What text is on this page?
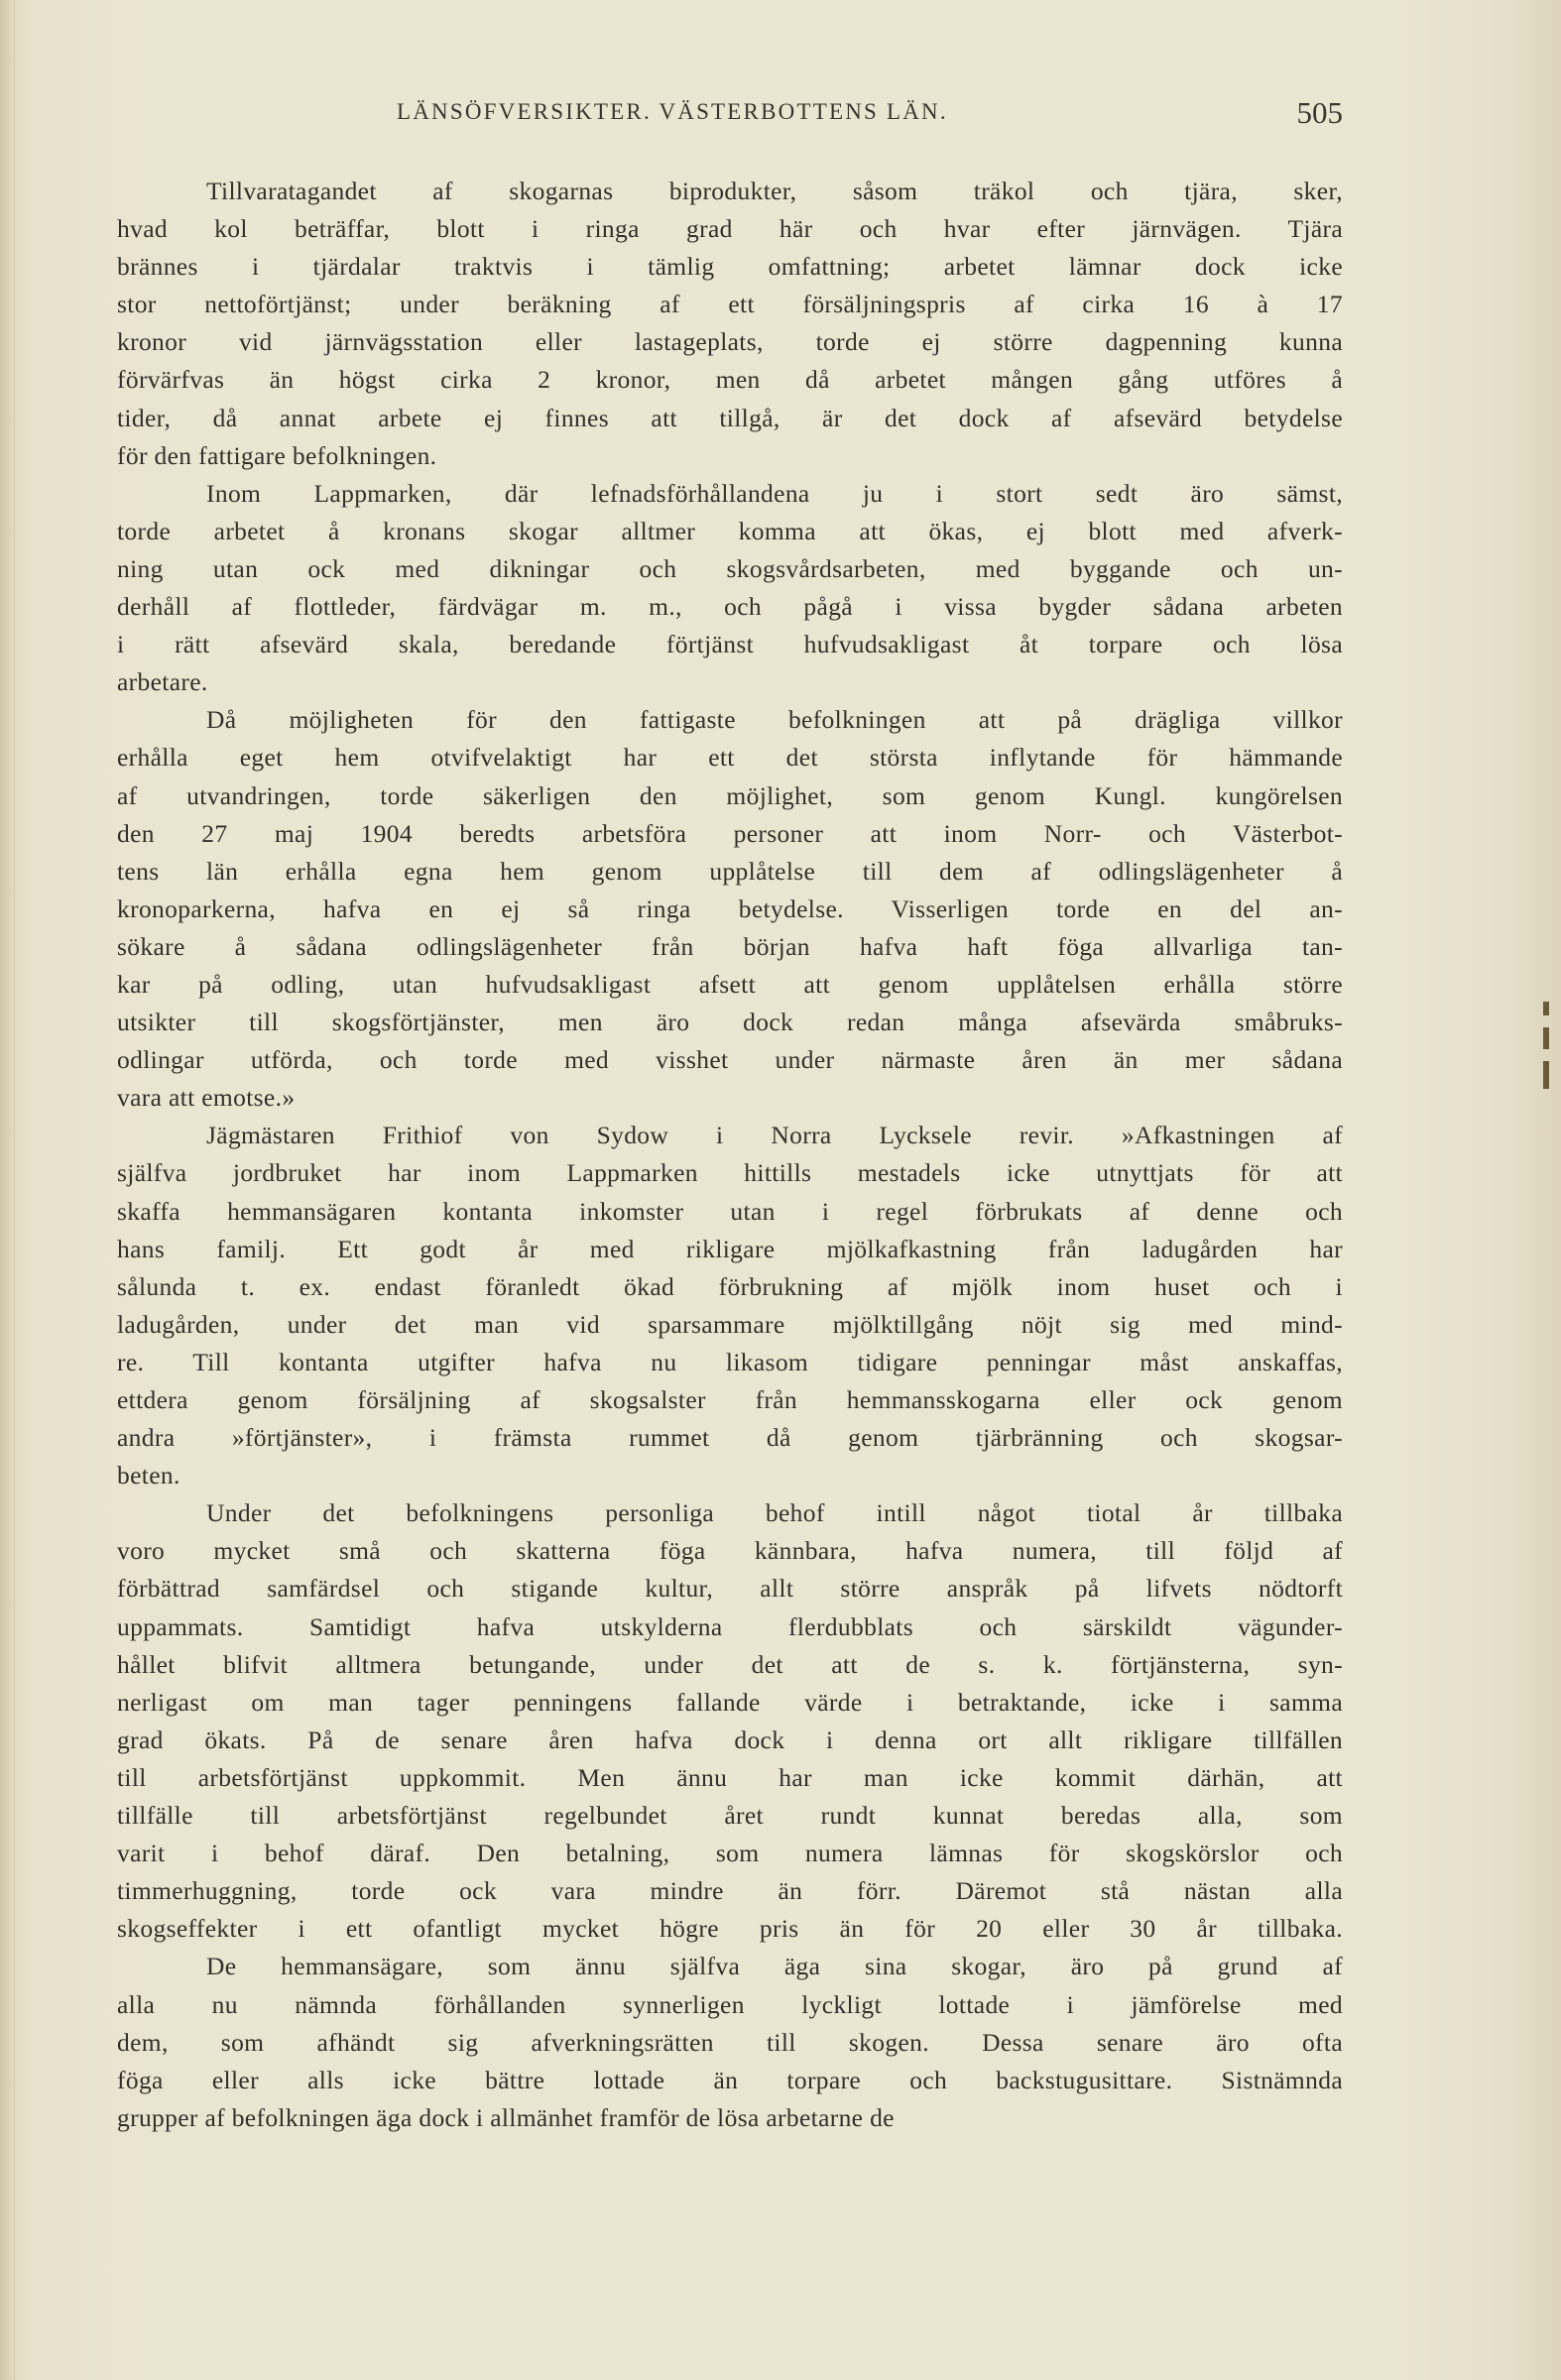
LÄNSÖFVERSIKTER. VÄSTERBOTTENS LÄN.	505
Tillvaratagandet af skogarnas biprodukter, såsom träkol och tjära, sker,
hvad kol beträffar, blott i ringa grad här och hvar efter järnvägen. Tjära
brännes i tjärdalar traktvis i tämlig omfattning; arbetet lämnar dock icke
stor nettoförtjänst; under beräkning af ett försäljningspris af cirka 16 à 17
kronor vid järnvägsstation eller lastageplats, torde ej större dagpenning kunna
förvärfvas än högst cirka 2 kronor, men då arbetet mången gång utföres å
tider, då annat arbete ej finnes att tillgå, är det dock af afsevärd betydelse
för den fattigare befolkningen.
Inom Lappmarken, där lefnadsförhållandena ju i stort sedt äro sämst,
torde arbetet å kronans skogar alltmer komma att ökas, ej blott med afverk-
ning utan ock med dikningar och skogsvårdsarbeten, med byggande och un-
derhåll af flottleder, färdvägar m. m., och pågå i vissa bygder sådana arbeten
i rätt afsevärd skala, beredande förtjänst hufvudsakligast åt torpare och lösa
arbetare.
Då möjligheten för den fattigaste befolkningen att på drägliga villkor
erhålla eget hem otvifvelaktigt har ett det största inflytande för hämmande
af utvandringen, torde säkerligen den möjlighet, som genom Kungl. kungörelsen
den 27 maj 1904 beredts arbetsföra personer att inom Norr- och Västerbot-
tens län erhålla egna hem genom upplåtelse till dem af odlingslägenheter å
kronoparkerna, hafva en ej så ringa betydelse. Visserligen torde en del an-
sökare å sådana odlingslägenheter från början hafva haft föga allvarliga tan-
kar på odling, utan hufvudsakligast afsett att genom upplåtelsen erhålla större
utsikter till skogsförtjänster, men äro dock redan många afsevärda småbruks-
odlingar utförda, och torde med visshet under närmaste åren än mer sådana
vara att emotse.»
Jägmästaren Frithiof von Sydow i Norra Lycksele revir. »Afkastningen af
själfva jordbruket har inom Lappmarken hittills mestadels icke utnyttjats för att
skaffa hemmansägaren kontanta inkomster utan i regel förbrukats af denne och
hans familj. Ett godt år med rikligare mjölkafkastning från ladugården har
sålunda t. ex. endast föranledt ökad förbrukning af mjölk inom huset och i
ladugården, under det man vid sparsammare mjölktillgång nöjt sig med mind-
re. Till kontanta utgifter hafva nu likasom tidigare penningar måst anskaffas,
ettdera genom försäljning af skogsalster från hemmansskogarna eller ock genom
andra »förtjänster», i främsta rummet då genom tjärbränning och skogsar-
beten.
Under det befolkningens personliga behof intill något tiotal år tillbaka
voro mycket små och skatterna föga kännbara, hafva numera, till följd af
förbättrad samfärdsel och stigande kultur, allt större anspråk på lifvets nödtorft
uppammats. Samtidigt hafva utskylderna flerdubblats och särskildt vägunder-
hållet blifvit alltmera betungande, under det att de s. k. förtjänsterna, syn-
nerligast om man tager penningens fallande värde i betraktande, icke i samma
grad ökats. På de senare åren hafva dock i denna ort allt rikligare tillfällen
till arbetsförtjänst uppkommit. Men ännu har man icke kommit därhän, att
tillfälle till arbetsförtjänst regelbundet året rundt kunnat beredas alla, som
varit i behof däraf. Den betalning, som numera lämnas för skogskörslor och
timmerhuggning, torde ock vara mindre än förr. Däremot stå nästan alla
skogseffekter i ett ofantligt mycket högre pris än för 20 eller 30 år tillbaka.
De hemmansägare, som ännu själfva äga sina skogar, äro på grund af
alla nu nämnda förhållanden synnerligen lyckligt lottade i jämförelse med
dem, som afhändt sig afverkningsrätten till skogen. Dessa senare äro ofta
föga eller alls icke bättre lottade än torpare och backstugusittare. Sistnämnda
grupper af befolkningen äga dock i allmänhet framför de lösa arbetarne de
